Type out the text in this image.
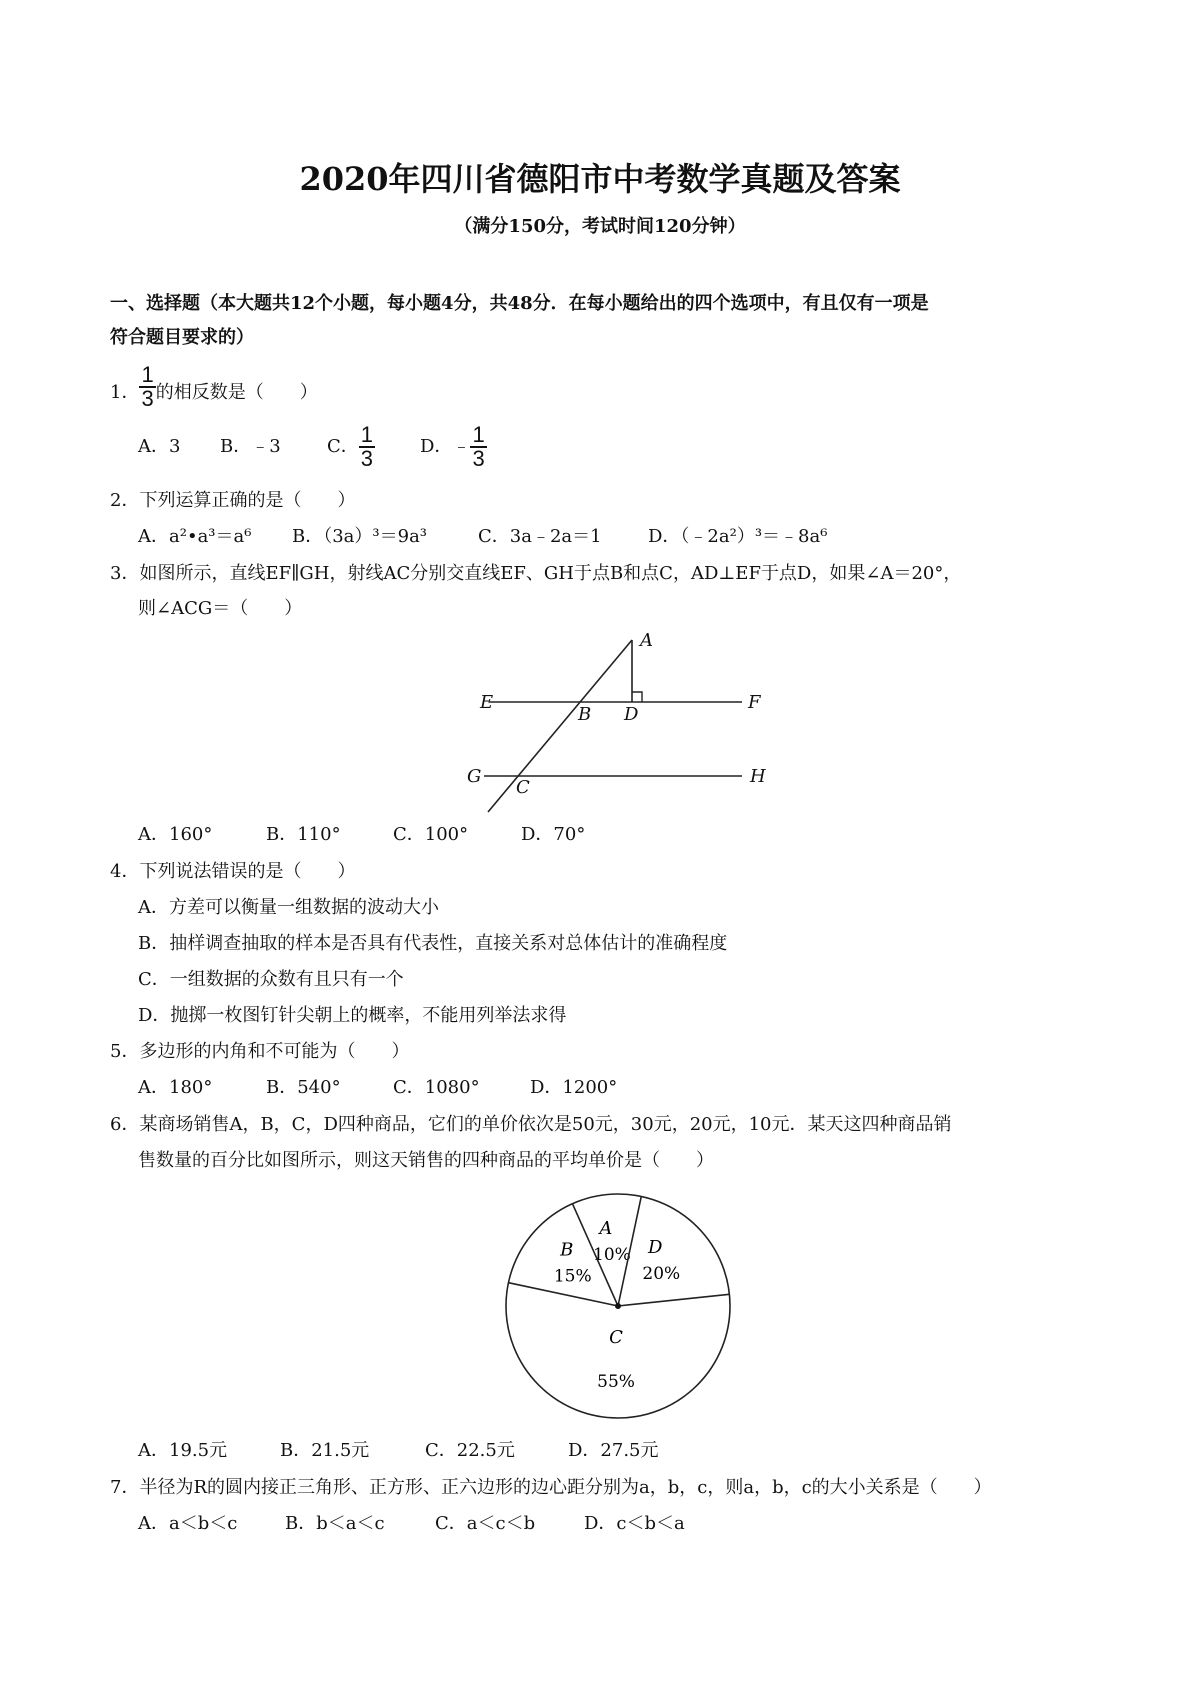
2020年四川省德阳市中考数学真题及答案
（满分150分，考试时间120分钟）
一、选择题（本大题共12个小题，每小题4分，共48分．在每小题给出的四个选项中，有且仅有一项是
符合题目要求的）
1． $\frac{1}{3}$ 的相反数是（　　）
A．3 B．﹣3	C． $\frac{1}{3}$ D．﹣ $\frac{1}{3}$
2．下列运算正确的是（　　）
A．a²•a³＝a⁶ B．（3a）³＝9a³	C．3a﹣2a＝1	D．（﹣2a²）³＝﹣8a⁶
3．如图所示，直线EF∥GH，射线AC分别交直线EF、GH于点B和点C，AD⊥EF于点D，如果∠A＝20°，
则∠ACG＝（　　）
A
E
B D
F
G
C
H
A．160°	B．110°	C．100°	D．70°
4．下列说法错误的是（　　）
A．方差可以衡量一组数据的波动大小
B．抽样调查抽取的样本是否具有代表性，直接关系对总体估计的准确程度
C．一组数据的众数有且只有一个
D．抛掷一枚图钉针尖朝上的概率，不能用列举法求得
5．多边形的内角和不可能为（　　）
A．180°	B．540°	C．1080°	D．1200°
6．某商场销售A，B，C，D四种商品，它们的单价依次是50元，30元，20元，10元．某天这四种商品销
售数量的百分比如图所示，则这天销售的四种商品的平均单价是（　　）
A
10%
B
15%
C
55%
D
20%
A．19.5元	B．21.5元	C．22.5元	D．27.5元
7．半径为R的圆内接正三角形、正方形、正六边形的边心距分别为a，b，c，则a，b，c的大小关系是（　　）
A．a＜b＜c	B．b＜a＜c	C．a＜c＜b	D．c＜b＜a
